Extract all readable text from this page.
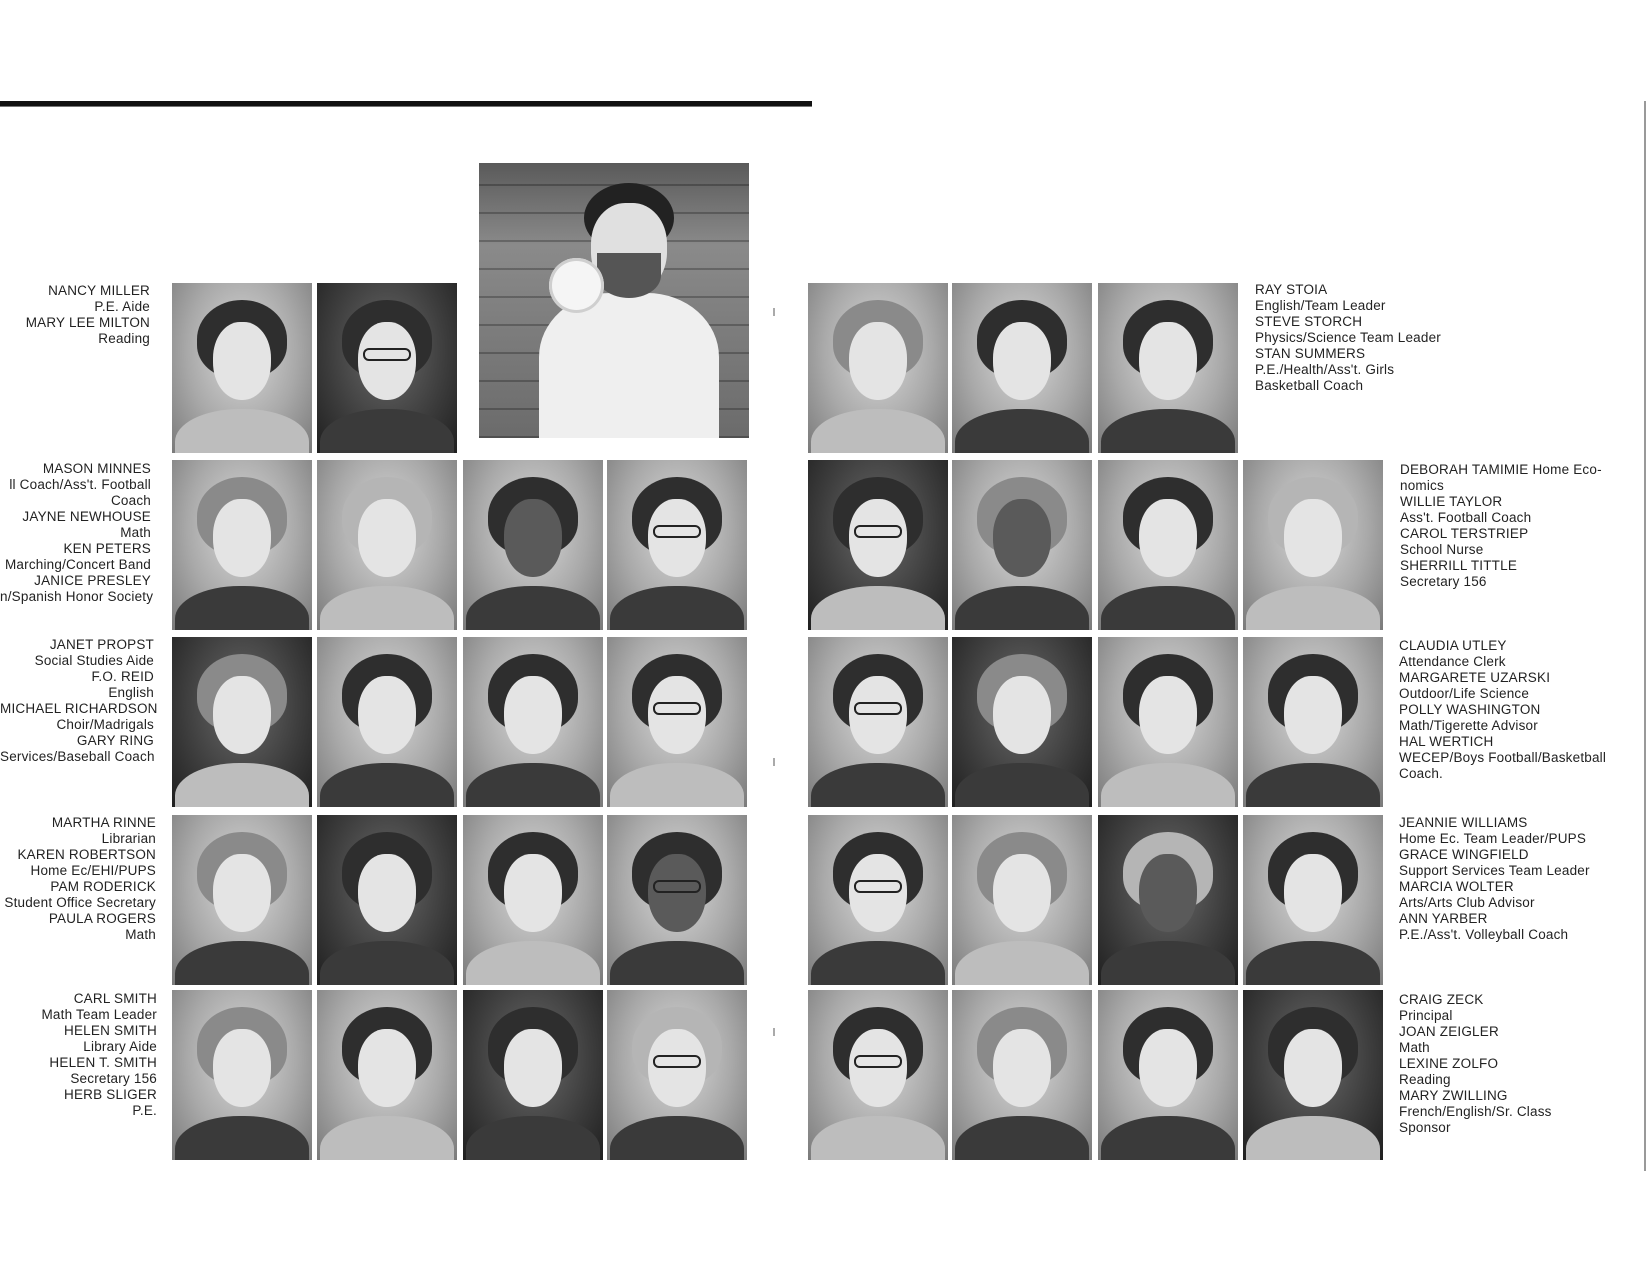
NANCY MILLER
P.E. Aide
MARY LEE MILTON
Reading
MASON MINNES
ll Coach/Ass't. Football
Coach
JAYNE NEWHOUSE
Math
KEN PETERS
Marching/Concert Band
JANICE PRESLEY
n/Spanish Honor Society
JANET PROPST
Social Studies Aide
F.O. REID
English
MICHAEL RICHARDSON
Choir/Madrigals
GARY RING
Services/Baseball Coach
MARTHA RINNE
Librarian
KAREN ROBERTSON
Home Ec/EHI/PUPS
PAM RODERICK
Student Office Secretary
PAULA ROGERS
Math
CARL SMITH
Math Team Leader
HELEN SMITH
Library Aide
HELEN T. SMITH
Secretary 156
HERB SLIGER
P.E.
RAY STOIA
English/Team Leader
STEVE STORCH
Physics/Science Team Leader
STAN SUMMERS
P.E./Health/Ass't. Girls
Basketball Coach
DEBORAH TAMIMIE Home Eco-
nomics
WILLIE TAYLOR
Ass't. Football Coach
CAROL TERSTRIEP
School Nurse
SHERRILL TITTLE
Secretary 156
CLAUDIA UTLEY
Attendance Clerk
MARGARETE UZARSKI
Outdoor/Life Science
POLLY WASHINGTON
Math/Tigerette Advisor
HAL WERTICH
WECEP/Boys Football/Basketball
Coach.
JEANNIE WILLIAMS
Home Ec. Team Leader/PUPS
GRACE WINGFIELD
Support Services Team Leader
MARCIA WOLTER
Arts/Arts Club Advisor
ANN YARBER
P.E./Ass't. Volleyball Coach
CRAIG ZECK
Principal
JOAN ZEIGLER
Math
LEXINE ZOLFO
Reading
MARY ZWILLING
French/English/Sr. Class
Sponsor
